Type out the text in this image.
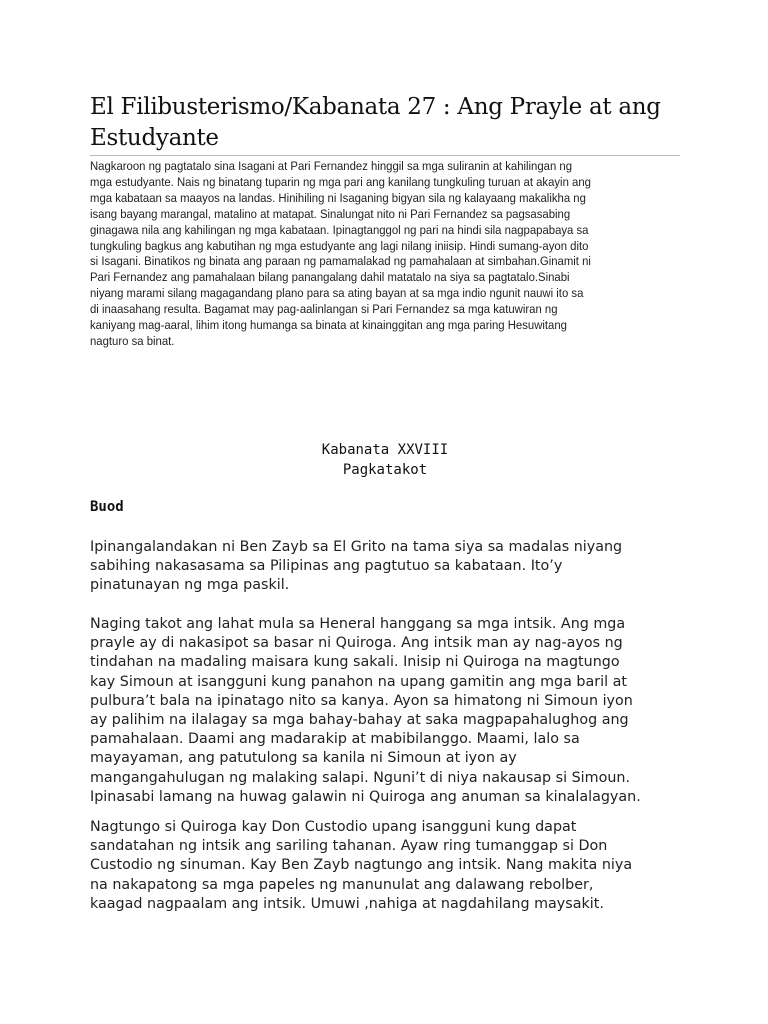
El Filibusterismo/Kabanata 27 : Ang Prayle at ang Estudyante

Nagkaroon ng pagtatalo sina Isagani at Pari Fernandez hinggil sa mga suliranin at kahilingan ng
mga estudyante. Nais ng binatang tuparin ng mga pari ang kanilang tungkuling turuan at akayin ang
mga kabataan sa maayos na landas. Hinihiling ni Isaganing bigyan sila ng kalayaang makalikha ng
isang bayang marangal, matalino at matapat. Sinalungat nito ni Pari Fernandez sa pagsasabing
ginagawa nila ang kahilingan ng mga kabataan. Ipinagtanggol ng pari na hindi sila nagpapabaya sa
tungkuling bagkus ang kabutihan ng mga estudyante ang lagi nilang iniisip. Hindi sumang-ayon dito
si Isagani. Binatikos ng binata ang paraan ng pamamalakad ng pamahalaan at simbahan.Ginamit ni
Pari Fernandez ang pamahalaan bilang panangalang dahil matatalo na siya sa pagtatalo.Sinabi
niyang marami silang magagandang plano para sa ating bayan at sa mga indio ngunit nauwi ito sa
di inaasahang resulta. Bagamat may pag-aalinlangan si Pari Fernandez sa mga katuwiran ng
kaniyang mag-aaral, lihim itong humanga sa binata at kinainggitan ang mga paring Hesuwitang
nagturo sa binat.

Kabanata XXVIII
Pagkatakot
Buod

Ipinangalandakan ni Ben Zayb sa El Grito na tama siya sa madalas niyang
sabihing nakasasama sa Pilipinas ang pagtutuo sa kabataan. Ito’y
pinatunayan ng mga paskil.

Naging takot ang lahat mula sa Heneral hanggang sa mga intsik. Ang mga
prayle ay di nakasipot sa basar ni Quiroga. Ang intsik man ay nag-ayos ng
tindahan na madaling maisara kung sakali. Inisip ni Quiroga na magtungo
kay Simoun at isangguni kung panahon na upang gamitin ang mga baril at
pulbura’t bala na ipinatago nito sa kanya. Ayon sa himatong ni Simoun iyon
ay palihim na ilalagay sa mga bahay-bahay at saka magpapahalughog ang
pamahalaan. Daami ang madarakip at mabibilanggo. Maami, lalo sa
mayayaman, ang patutulong sa kanila ni Simoun at iyon ay
mangangahulugan ng malaking salapi. Nguni’t di niya nakausap si Simoun.
Ipinasabi lamang na huwag galawin ni Quiroga ang anuman sa kinalalagyan.

Nagtungo si Quiroga kay Don Custodio upang isangguni kung dapat
sandatahan ng intsik ang sariling tahanan. Ayaw ring tumanggap si Don
Custodio ng sinuman. Kay Ben Zayb nagtungo ang intsik. Nang makita niya
na nakapatong sa mga papeles ng manunulat ang dalawang rebolber,
kaagad nagpaalam ang intsik. Umuwi ,nahiga at nagdahilang maysakit.
